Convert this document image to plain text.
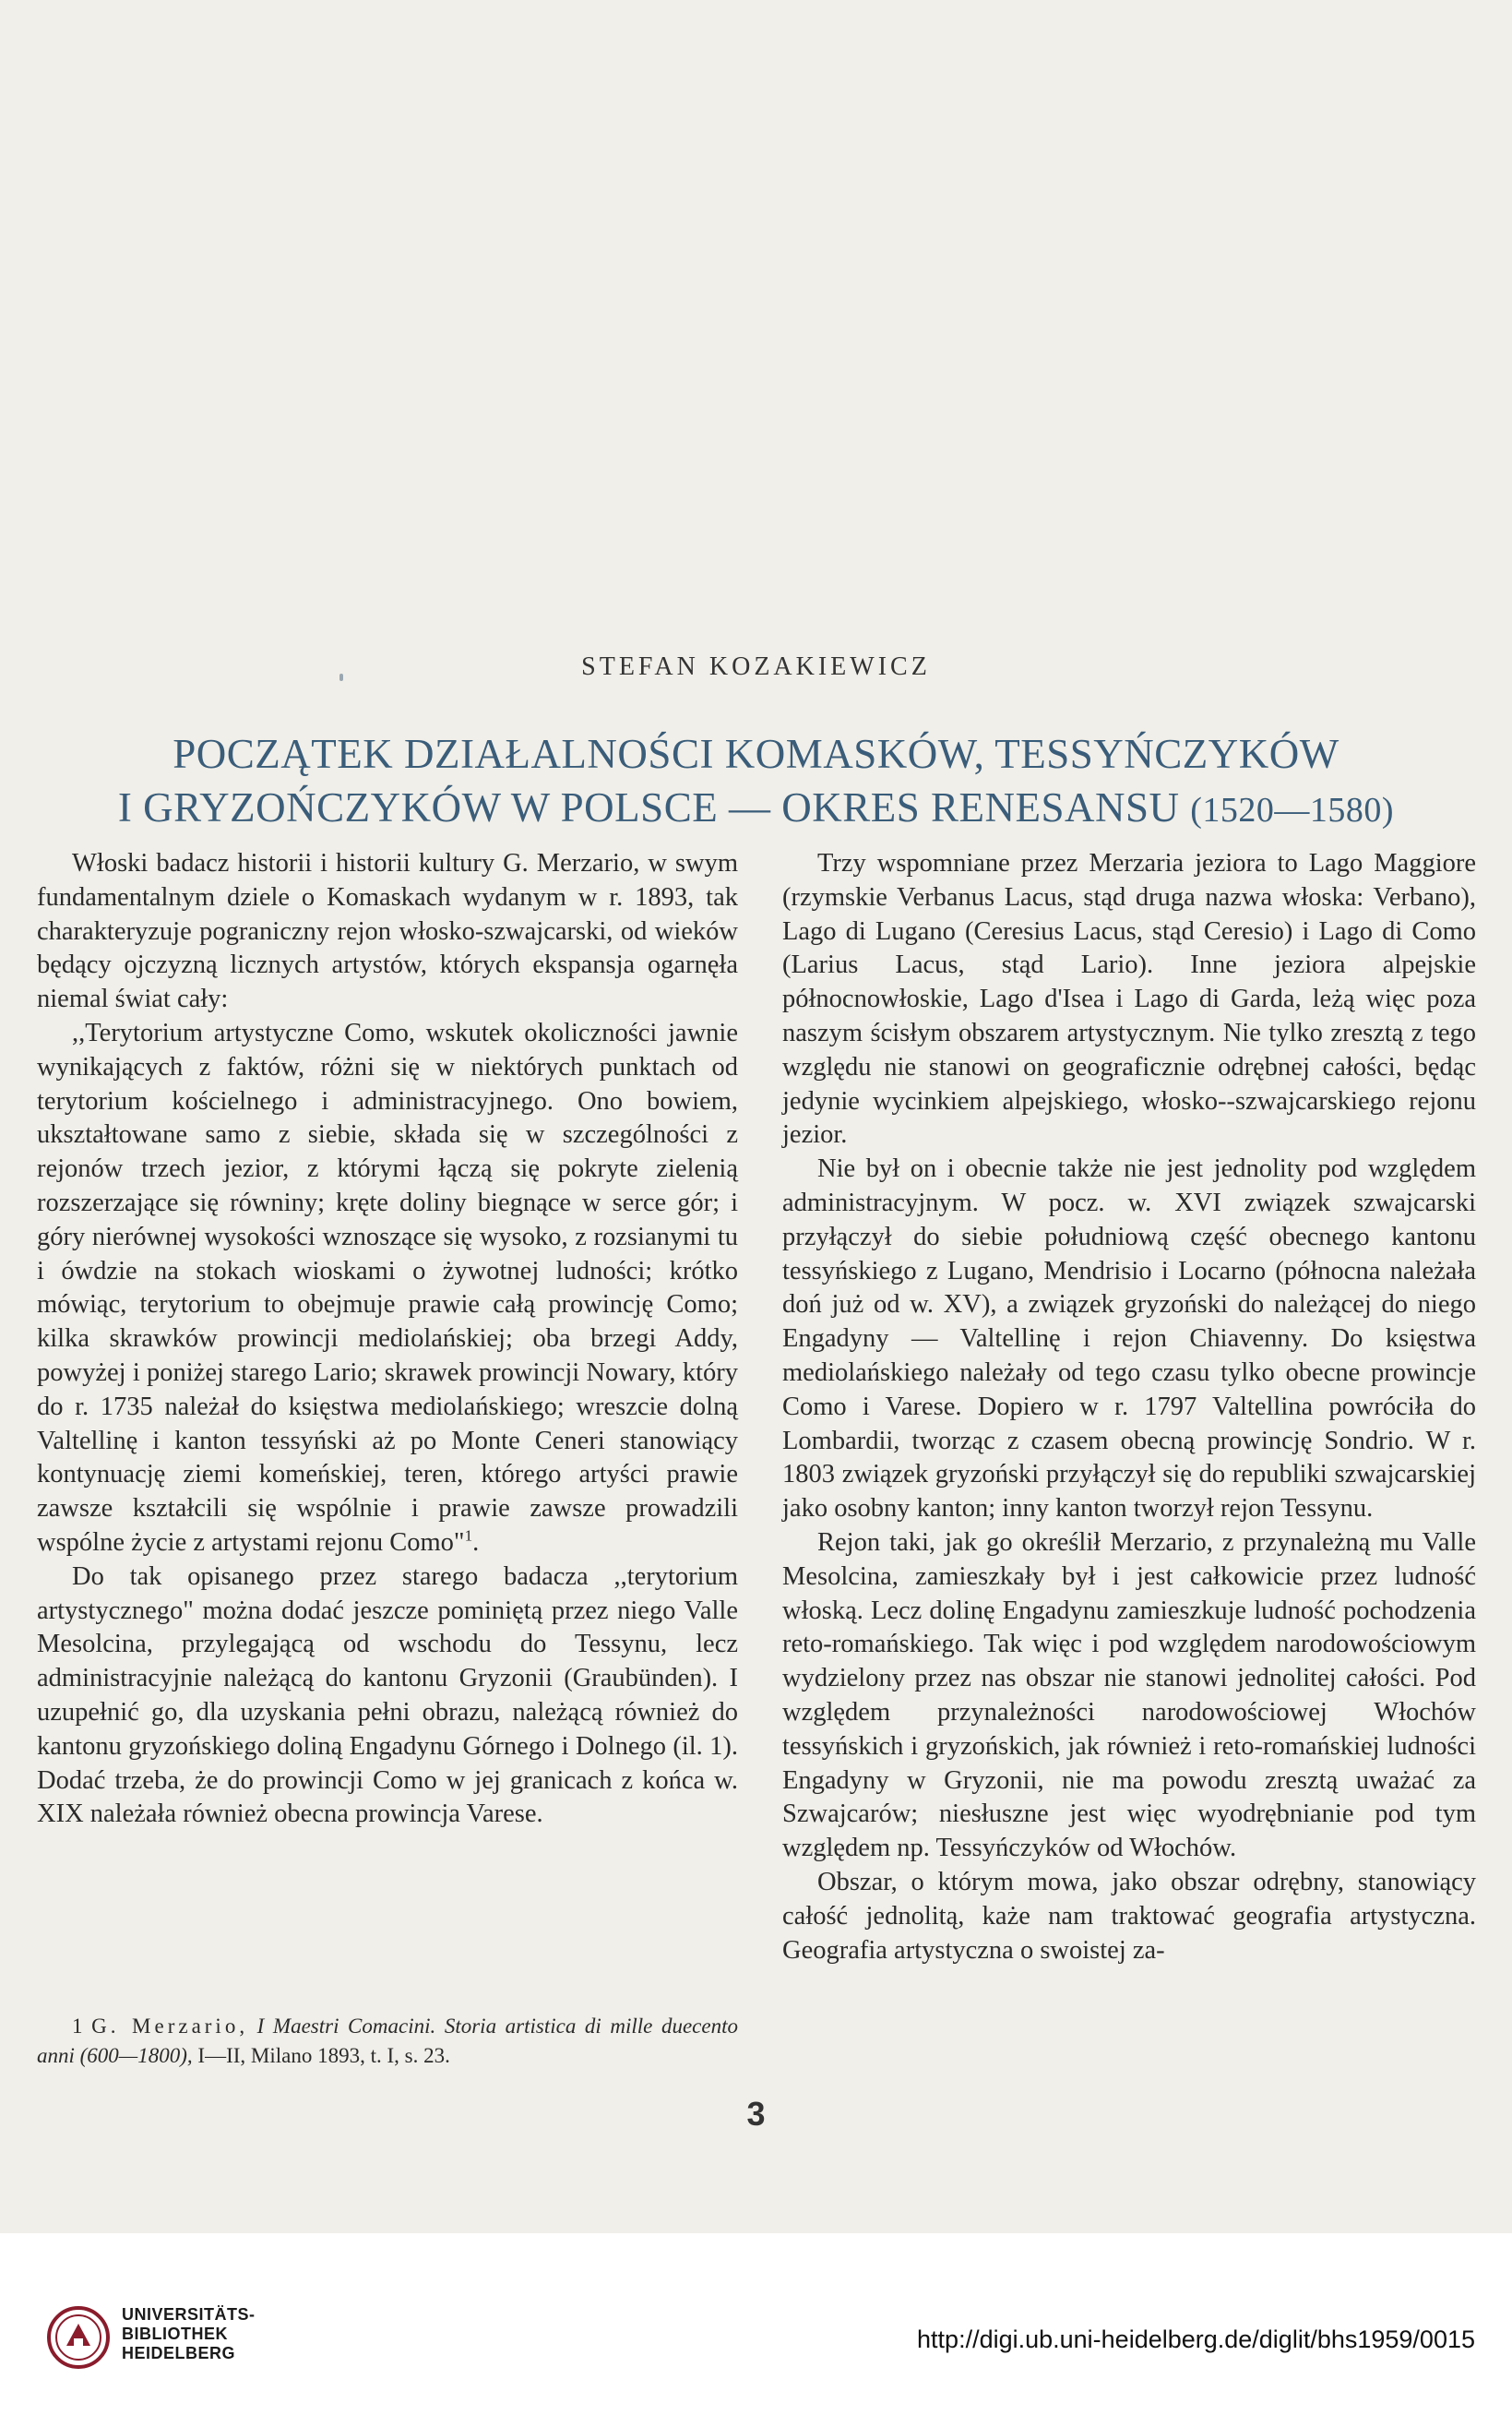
STEFAN KOZAKIEWICZ
POCZĄTEK DZIAŁALNOŚCI KOMASKÓW, TESSYŃCZYKÓW
I GRYZOŃCZYKÓW W POLSCE — OKRES RENESANSU (1520—1580)

Włoski badacz historii i historii kultury G. Merzario, w swym fundamentalnym dziele o Komaskach wydanym w r. 1893, tak charakteryzuje pograniczny rejon włosko-szwajcarski, od wieków będący ojczyzną licznych artystów, których ekspansja ogarnęła niemal świat cały:

,,Terytorium artystyczne Como, wskutek okoliczności jawnie wynikających z faktów, różni się w niektórych punktach od terytorium kościelnego i administracyjnego. Ono bowiem, ukształtowane samo z siebie, składa się w szczególności z rejonów trzech jezior, z którymi łączą się pokryte zielenią rozszerzające się równiny; kręte doliny biegnące w serce gór; i góry nierównej wysokości wznoszące się wysoko, z rozsianymi tu i ówdzie na stokach wioskami o żywotnej ludności; krótko mówiąc, terytorium to obejmuje prawie całą prowincję Como; kilka skrawków prowincji mediolańskiej; oba brzegi Addy, powyżej i poniżej starego Lario; skrawek prowincji Nowary, który do r. 1735 należał do księstwa mediolańskiego; wreszcie dolną Valtellinę i kanton tessyński aż po Monte Ceneri stanowiący kontynuację ziemi komeńskiej, teren, którego artyści prawie zawsze kształcili się wspólnie i prawie zawsze prowadzili wspólne życie z artystami rejonu Como"$^1$.

Do tak opisanego przez starego badacza ,,terytorium artystycznego" można dodać jeszcze pominiętą przez niego Valle Mesolcina, przylegającą od wschodu do Tessynu, lecz administracyjnie należącą do kantonu Gryzonii (Graubünden). I uzupełnić go, dla uzyskania pełni obrazu, należącą również do kantonu gryzońskiego doliną Engadynu Górnego i Dolnego (il. 1). Dodać trzeba, że do prowincji Como w jej granicach z końca w. XIX należała również obecna prowincja Varese.

1 G. Merzario, I Maestri Comacini. Storia artistica di mille duecento anni (600—1800), I—II, Milano 1893, t. I, s. 23.

Trzy wspomniane przez Merzaria jeziora to Lago Maggiore (rzymskie Verbanus Lacus, stąd druga nazwa włoska: Verbano), Lago di Lugano (Ceresius Lacus, stąd Ceresio) i Lago di Como (Larius Lacus, stąd Lario). Inne jeziora alpejskie północnowłoskie, Lago d'Isea i Lago di Garda, leżą więc poza naszym ścisłym obszarem artystycznym. Nie tylko zresztą z tego względu nie stanowi on geograficznie odrębnej całości, będąc jedynie wycinkiem alpejskiego, włosko--szwajcarskiego rejonu jezior.

Nie był on i obecnie także nie jest jednolity pod względem administracyjnym. W pocz. w. XVI związek szwajcarski przyłączył do siebie południową część obecnego kantonu tessyńskiego z Lugano, Mendrisio i Locarno (północna należała doń już od w. XV), a związek gryzoński do należącej do niego Engadyny — Valtellinę i rejon Chiavenny. Do księstwa mediolańskiego należały od tego czasu tylko obecne prowincje Como i Varese. Dopiero w r. 1797 Valtellina powróciła do Lombardii, tworząc z czasem obecną prowincję Sondrio. W r. 1803 związek gryzoński przyłączył się do republiki szwajcarskiej jako osobny kanton; inny kanton tworzył rejon Tessynu.

Rejon taki, jak go określił Merzario, z przynależną mu Valle Mesolcina, zamieszkały był i jest całkowicie przez ludność włoską. Lecz dolinę Engadynu zamieszkuje ludność pochodzenia reto-romańskiego. Tak więc i pod względem narodowościowym wydzielony przez nas obszar nie stanowi jednolitej całości. Pod względem przynależności narodowościowej Włochów tessyńskich i gryzońskich, jak również i reto-romańskiej ludności Engadyny w Gryzonii, nie ma powodu zresztą uważać za Szwajcarów; niesłuszne jest więc wyodrębnianie pod tym względem np. Tessyńczyków od Włochów.

Obszar, o którym mowa, jako obszar odrębny, stanowiący całość jednolitą, każe nam traktować geografia artystyczna. Geografia artystyczna o swoistej za-

3
UNIVERSITÄTS-
BIBLIOTHEK
HEIDELBERG	http://digi.ub.uni-heidelberg.de/diglit/bhs1959/0015
